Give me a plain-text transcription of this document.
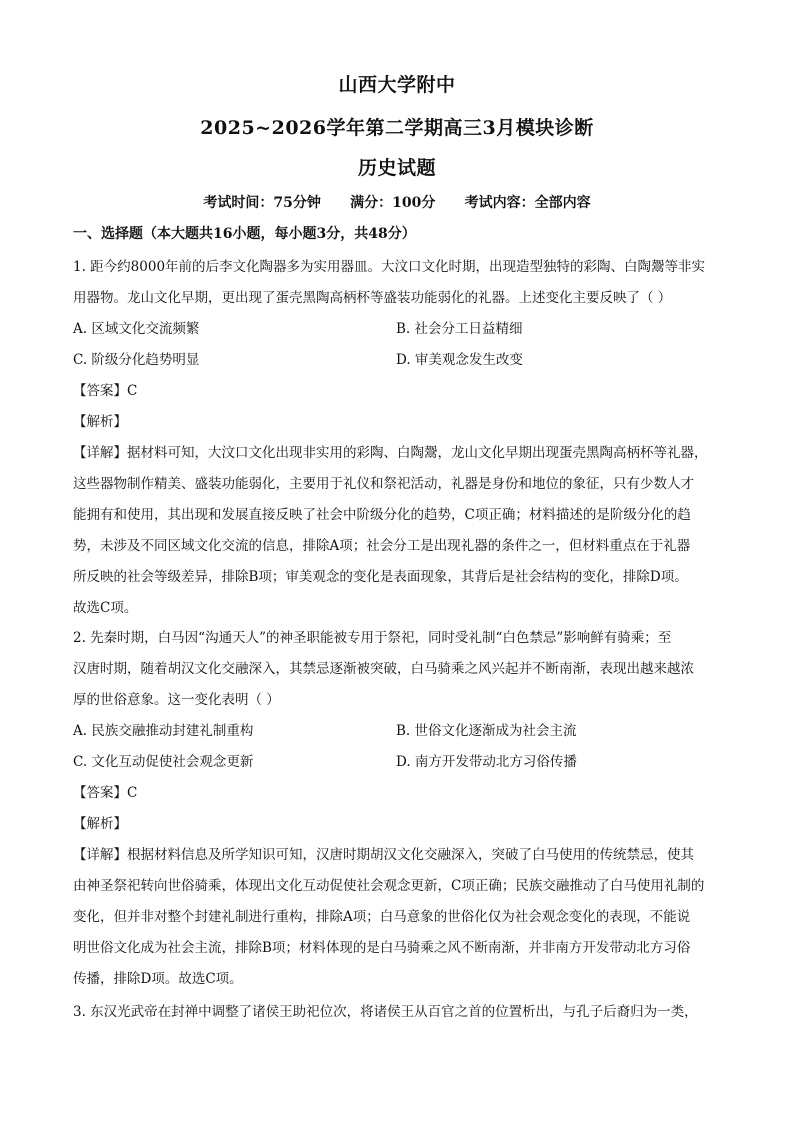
山西大学附中
2025~2026学年第二学期高三3月模块诊断
历史试题
考试时间：75分钟      满分：100分      考试内容：全部内容
一、选择题（本大题共16小题，每小题3分，共48分）
1. 距今约8000年前的后李文化陶器多为实用器皿。大汶口文化时期，出现造型独特的彩陶、白陶鬶等非实
用器物。龙山文化早期，更出现了蛋壳黑陶高柄杯等盛装功能弱化的礼器。上述变化主要反映了（ ）
A. 区域文化交流频繁	B. 社会分工日益精细
C. 阶级分化趋势明显	D. 审美观念发生改变
【答案】C
【解析】
【详解】据材料可知，大汶口文化出现非实用的彩陶、白陶鬶，龙山文化早期出现蛋壳黑陶高柄杯等礼器，
这些器物制作精美、盛装功能弱化，主要用于礼仪和祭祀活动，礼器是身份和地位的象征，只有少数人才
能拥有和使用，其出现和发展直接反映了社会中阶级分化的趋势，C项正确；材料描述的是阶级分化的趋
势，未涉及不同区域文化交流的信息，排除A项；社会分工是出现礼器的条件之一，但材料重点在于礼器
所反映的社会等级差异，排除B项；审美观念的变化是表面现象，其背后是社会结构的变化，排除D项。
故选C项。
2. 先秦时期，白马因“沟通天人”的神圣职能被专用于祭祀，同时受礼制“白色禁忌”影响鲜有骑乘；至
汉唐时期，随着胡汉文化交融深入，其禁忌逐渐被突破，白马骑乘之风兴起并不断南渐，表现出越来越浓
厚的世俗意象。这一变化表明（ ）
A. 民族交融推动封建礼制重构	B. 世俗文化逐渐成为社会主流
C. 文化互动促使社会观念更新	D. 南方开发带动北方习俗传播
【答案】C
【解析】
【详解】根据材料信息及所学知识可知，汉唐时期胡汉文化交融深入，突破了白马使用的传统禁忌，使其
由神圣祭祀转向世俗骑乘，体现出文化互动促使社会观念更新，C项正确；民族交融推动了白马使用礼制的
变化，但并非对整个封建礼制进行重构，排除A项；白马意象的世俗化仅为社会观念变化的表现，不能说
明世俗文化成为社会主流，排除B项；材料体现的是白马骑乘之风不断南渐，并非南方开发带动北方习俗
传播，排除D项。故选C项。
3. 东汉光武帝在封禅中调整了诸侯王助祀位次，将诸侯王从百官之首的位置析出，与孔子后裔归为一类，
